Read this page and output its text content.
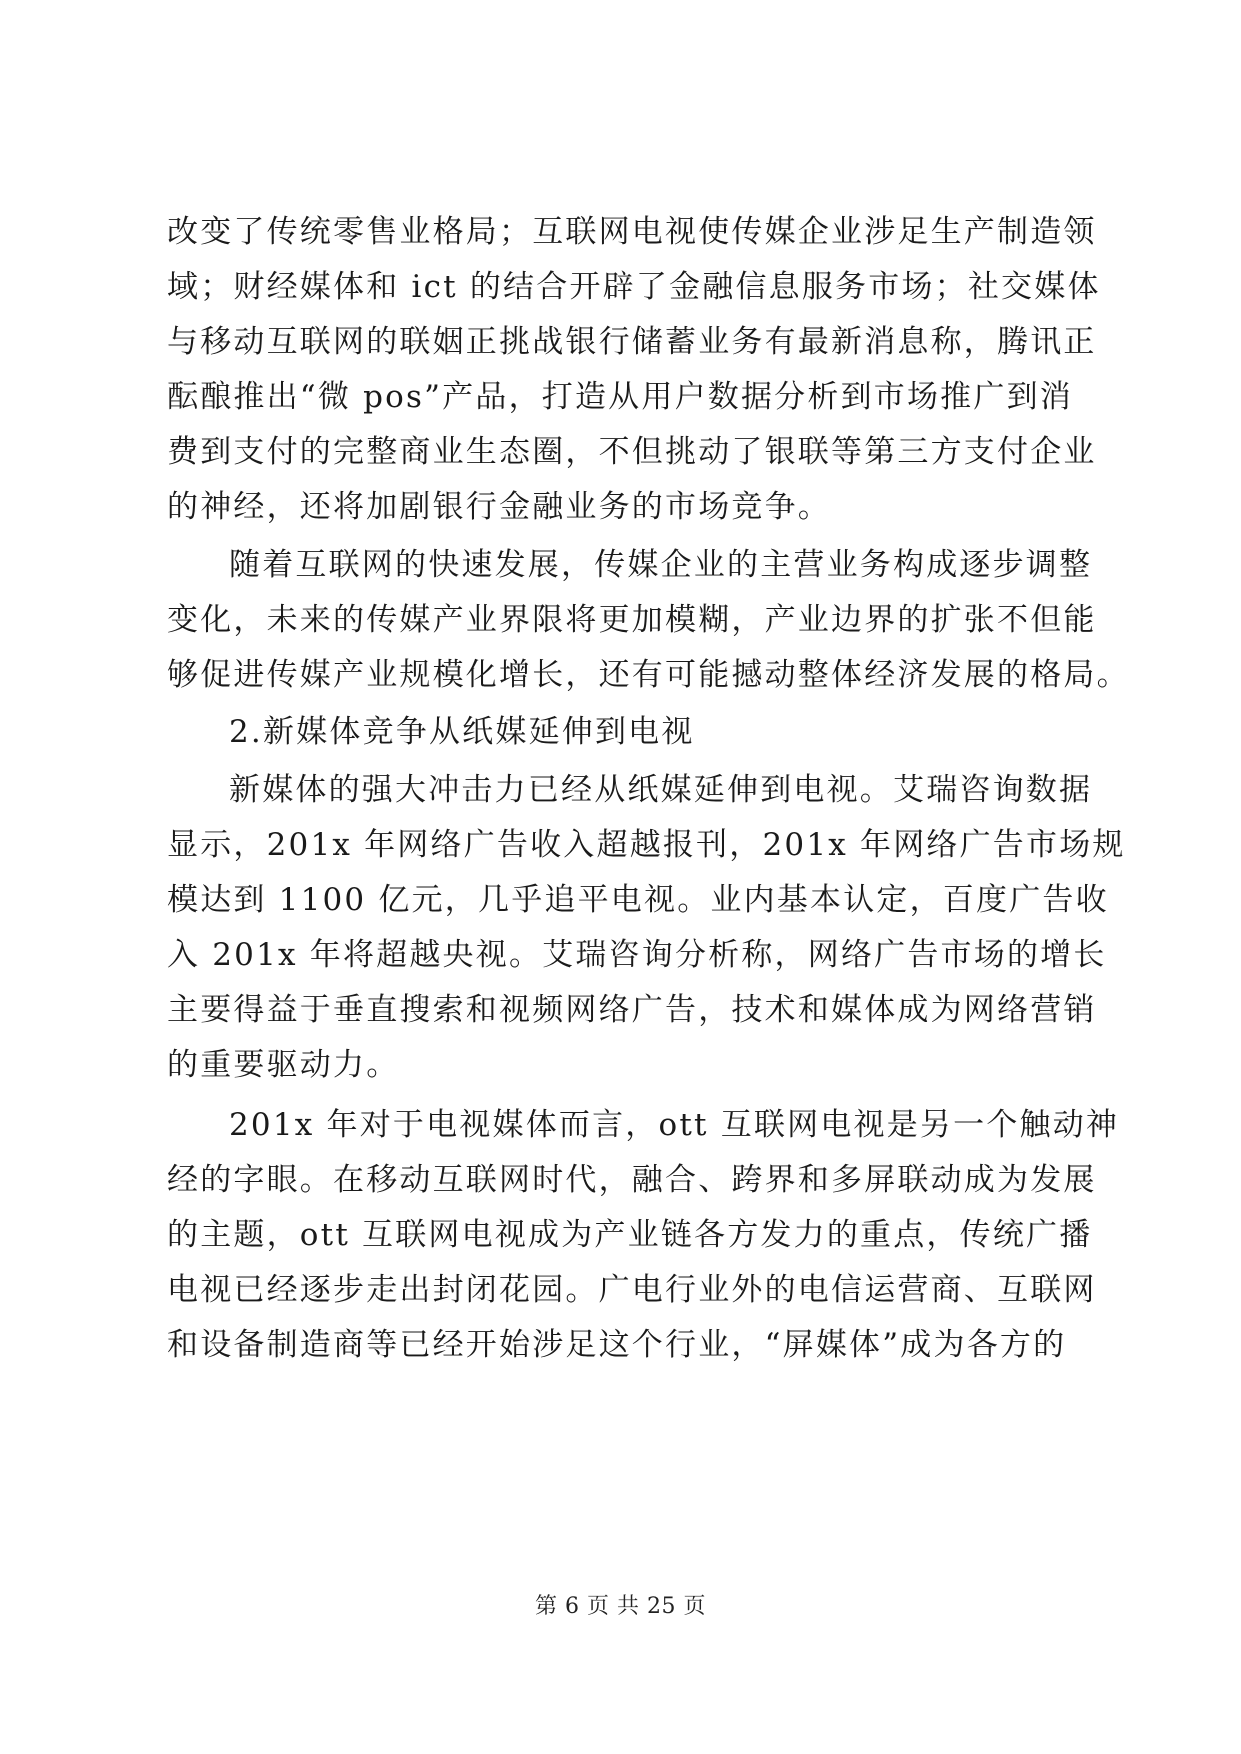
改变了传统零售业格局；互联网电视使传媒企业涉足生产制造领
域；财经媒体和 ict 的结合开辟了金融信息服务市场；社交媒体
与移动互联网的联姻正挑战银行储蓄业务有最新消息称，腾讯正
酝酿推出“微 pos”产品，打造从用户数据分析到市场推广到消
费到支付的完整商业生态圈，不但挑动了银联等第三方支付企业
的神经，还将加剧银行金融业务的市场竞争。
随着互联网的快速发展，传媒企业的主营业务构成逐步调整
变化，未来的传媒产业界限将更加模糊，产业边界的扩张不但能
够促进传媒产业规模化增长，还有可能撼动整体经济发展的格局。
2.新媒体竞争从纸媒延伸到电视
新媒体的强大冲击力已经从纸媒延伸到电视。艾瑞咨询数据
显示，201x 年网络广告收入超越报刊，201x 年网络广告市场规
模达到 1100 亿元，几乎追平电视。业内基本认定，百度广告收
入 201x 年将超越央视。艾瑞咨询分析称，网络广告市场的增长
主要得益于垂直搜索和视频网络广告，技术和媒体成为网络营销
的重要驱动力。
201x 年对于电视媒体而言，ott 互联网电视是另一个触动神
经的字眼。在移动互联网时代，融合、跨界和多屏联动成为发展
的主题，ott 互联网电视成为产业链各方发力的重点，传统广播
电视已经逐步走出封闭花园。广电行业外的电信运营商、互联网
和设备制造商等已经开始涉足这个行业，“屏媒体”成为各方的
第 6 页 共 25 页
